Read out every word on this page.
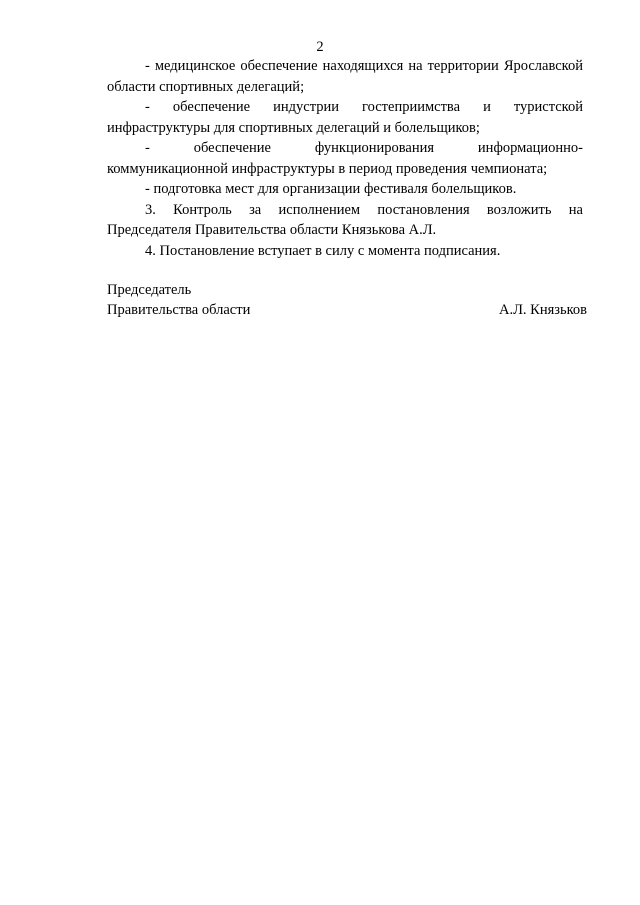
2

- медицинское обеспечение находящихся на территории Ярославской области спортивных делегаций;

- обеспечение индустрии гостеприимства и туристской инфраструктуры для спортивных делегаций и болельщиков;

- обеспечение функционирования информационно-коммуникационной инфраструктуры в период проведения чемпионата;

- подготовка мест для организации фестиваля болельщиков.

3. Контроль за исполнением постановления возложить на Председателя Правительства области Князькова А.Л.

4. Постановление вступает в силу с момента подписания.

Председатель
Правительства области	А.Л. Князьков
